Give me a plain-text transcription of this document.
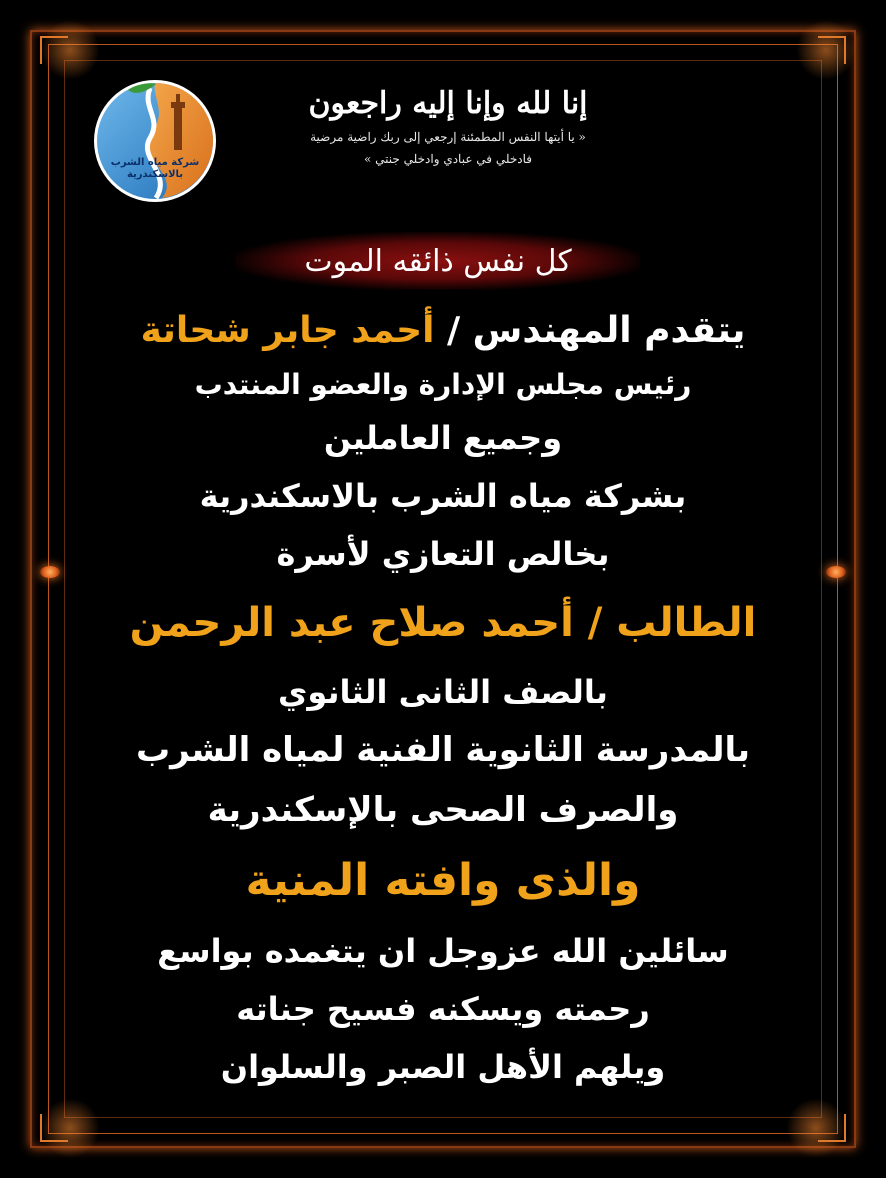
شركة مياه الشرب
بالاسكندرية
إنا لله وإنا إليه راجعون
« يا أيتها النفس المطمئنة إرجعي إلى ربك راضية مرضية
فادخلي في عبادي وادخلي جنتي »
كل نفس ذائقه الموت
يتقدم المهندس / أحمد جابر شحاتة
رئيس مجلس الإدارة والعضو المنتدب
وجميع العاملين
بشركة مياه الشرب بالاسكندرية
بخالص التعازي لأسرة
الطالب / أحمد صلاح عبد الرحمن
بالصف الثانى الثانوي
بالمدرسة الثانوية الفنية لمياه الشرب
والصرف الصحى بالإسكندرية
والذى وافته المنية
سائلين الله عزوجل ان يتغمده بواسع
رحمته ويسكنه فسيح جناته
ويلهم الأهل الصبر والسلوان
